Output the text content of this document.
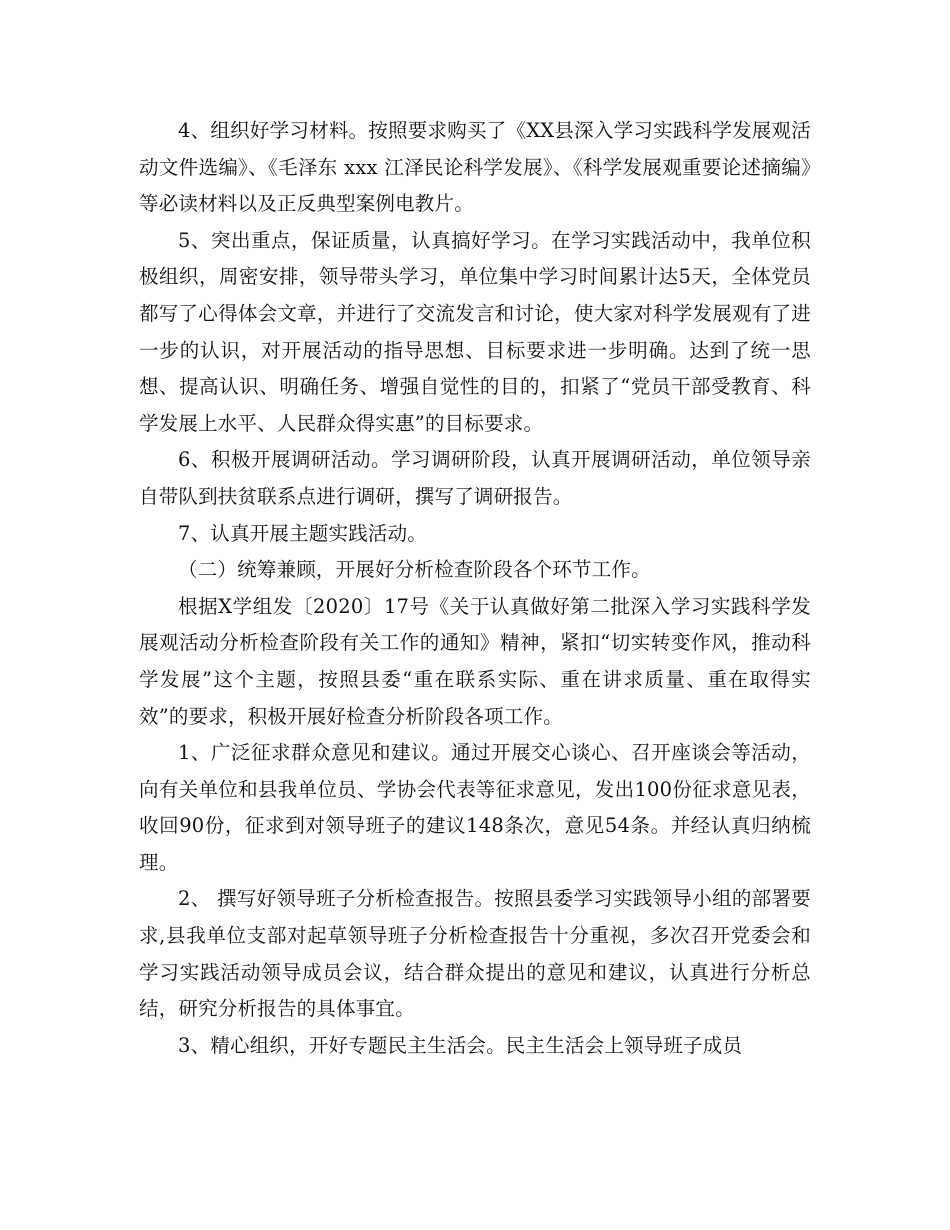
4、组织好学习材料。按照要求购买了《XX县深入学习实践科学发展观活动文件选编》、《毛泽东 xxx 江泽民论科学发展》、《科学发展观重要论述摘编》等必读材料以及正反典型案例电教片。

5、突出重点，保证质量，认真搞好学习。在学习实践活动中，我单位积极组织，周密安排，领导带头学习，单位集中学习时间累计达5天，全体党员都写了心得体会文章，并进行了交流发言和讨论，使大家对科学发展观有了进一步的认识，对开展活动的指导思想、目标要求进一步明确。达到了统一思想、提高认识、明确任务、增强自觉性的目的，扣紧了“党员干部受教育、科学发展上水平、人民群众得实惠”的目标要求。

6、积极开展调研活动。学习调研阶段，认真开展调研活动，单位领导亲自带队到扶贫联系点进行调研，撰写了调研报告。

7、认真开展主题实践活动。

（二）统筹兼顾，开展好分析检查阶段各个环节工作。

根据X学组发〔2020〕17号《关于认真做好第二批深入学习实践科学发展观活动分析检查阶段有关工作的通知》精神，紧扣“切实转变作风，推动科学发展”这个主题，按照县委“重在联系实际、重在讲求质量、重在取得实效”的要求，积极开展好检查分析阶段各项工作。

1、广泛征求群众意见和建议。通过开展交心谈心、召开座谈会等活动，向有关单位和县我单位员、学协会代表等征求意见，发出100份征求意见表，收回90份，征求到对领导班子的建议148条次，意见54条。并经认真归纳梳理。

2、 撰写好领导班子分析检查报告。按照县委学习实践领导小组的部署要求,县我单位支部对起草领导班子分析检查报告十分重视，多次召开党委会和学习实践活动领导成员会议，结合群众提出的意见和建议，认真进行分析总结，研究分析报告的具体事宜。

3、精心组织，开好专题民主生活会。民主生活会上领导班子成员
